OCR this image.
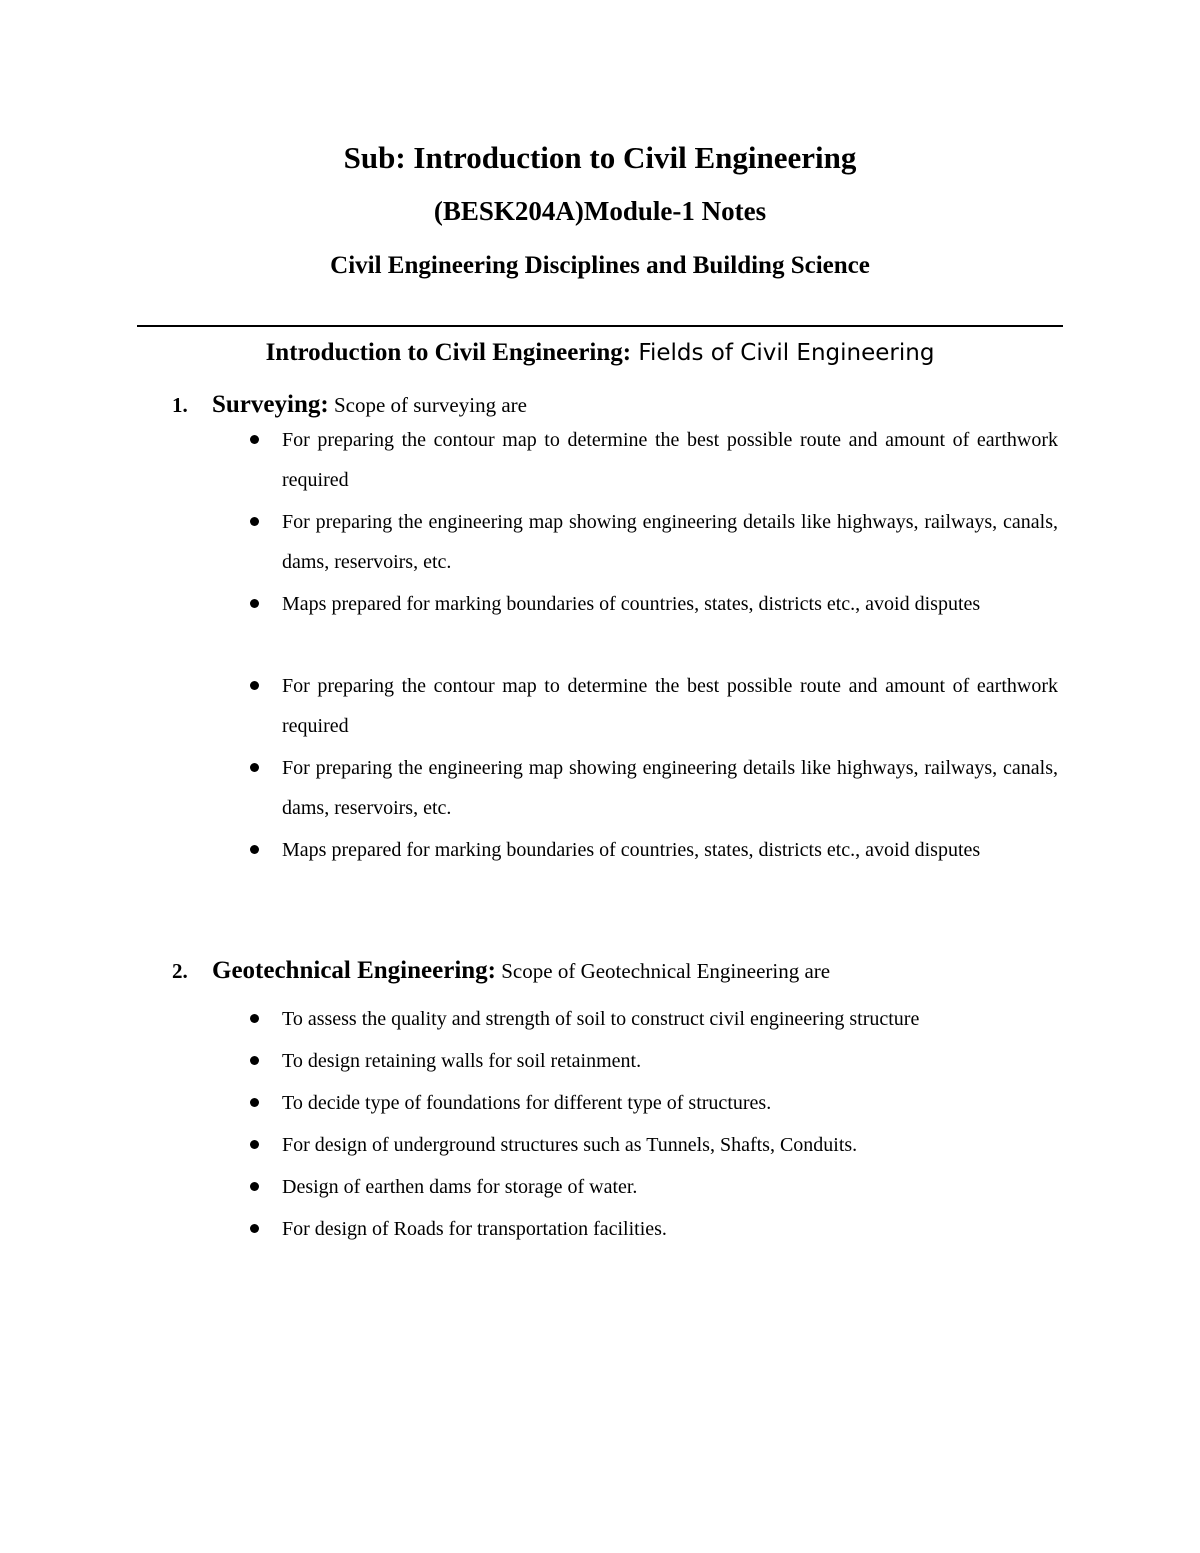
Sub: Introduction to Civil Engineering
(BESK204A)Module-1 Notes
Civil Engineering Disciplines and Building Science
Introduction to Civil Engineering: Fields of Civil Engineering
1. Surveying: Scope of surveying are
For preparing the contour map to determine the best possible route and amount of earthwork required
For preparing the engineering map showing engineering details like highways, railways, canals, dams, reservoirs, etc.
Maps prepared for marking boundaries of countries, states, districts etc., avoid disputes
For preparing the contour map to determine the best possible route and amount of earthwork required
For preparing the engineering map showing engineering details like highways, railways, canals, dams, reservoirs, etc.
Maps prepared for marking boundaries of countries, states, districts etc., avoid disputes
2. Geotechnical Engineering: Scope of Geotechnical Engineering are
To assess the quality and strength of soil to construct civil engineering structure
To design retaining walls for soil retainment.
To decide type of foundations for different type of structures.
For design of underground structures such as Tunnels, Shafts, Conduits.
Design of earthen dams for storage of water.
For design of Roads for transportation facilities.
